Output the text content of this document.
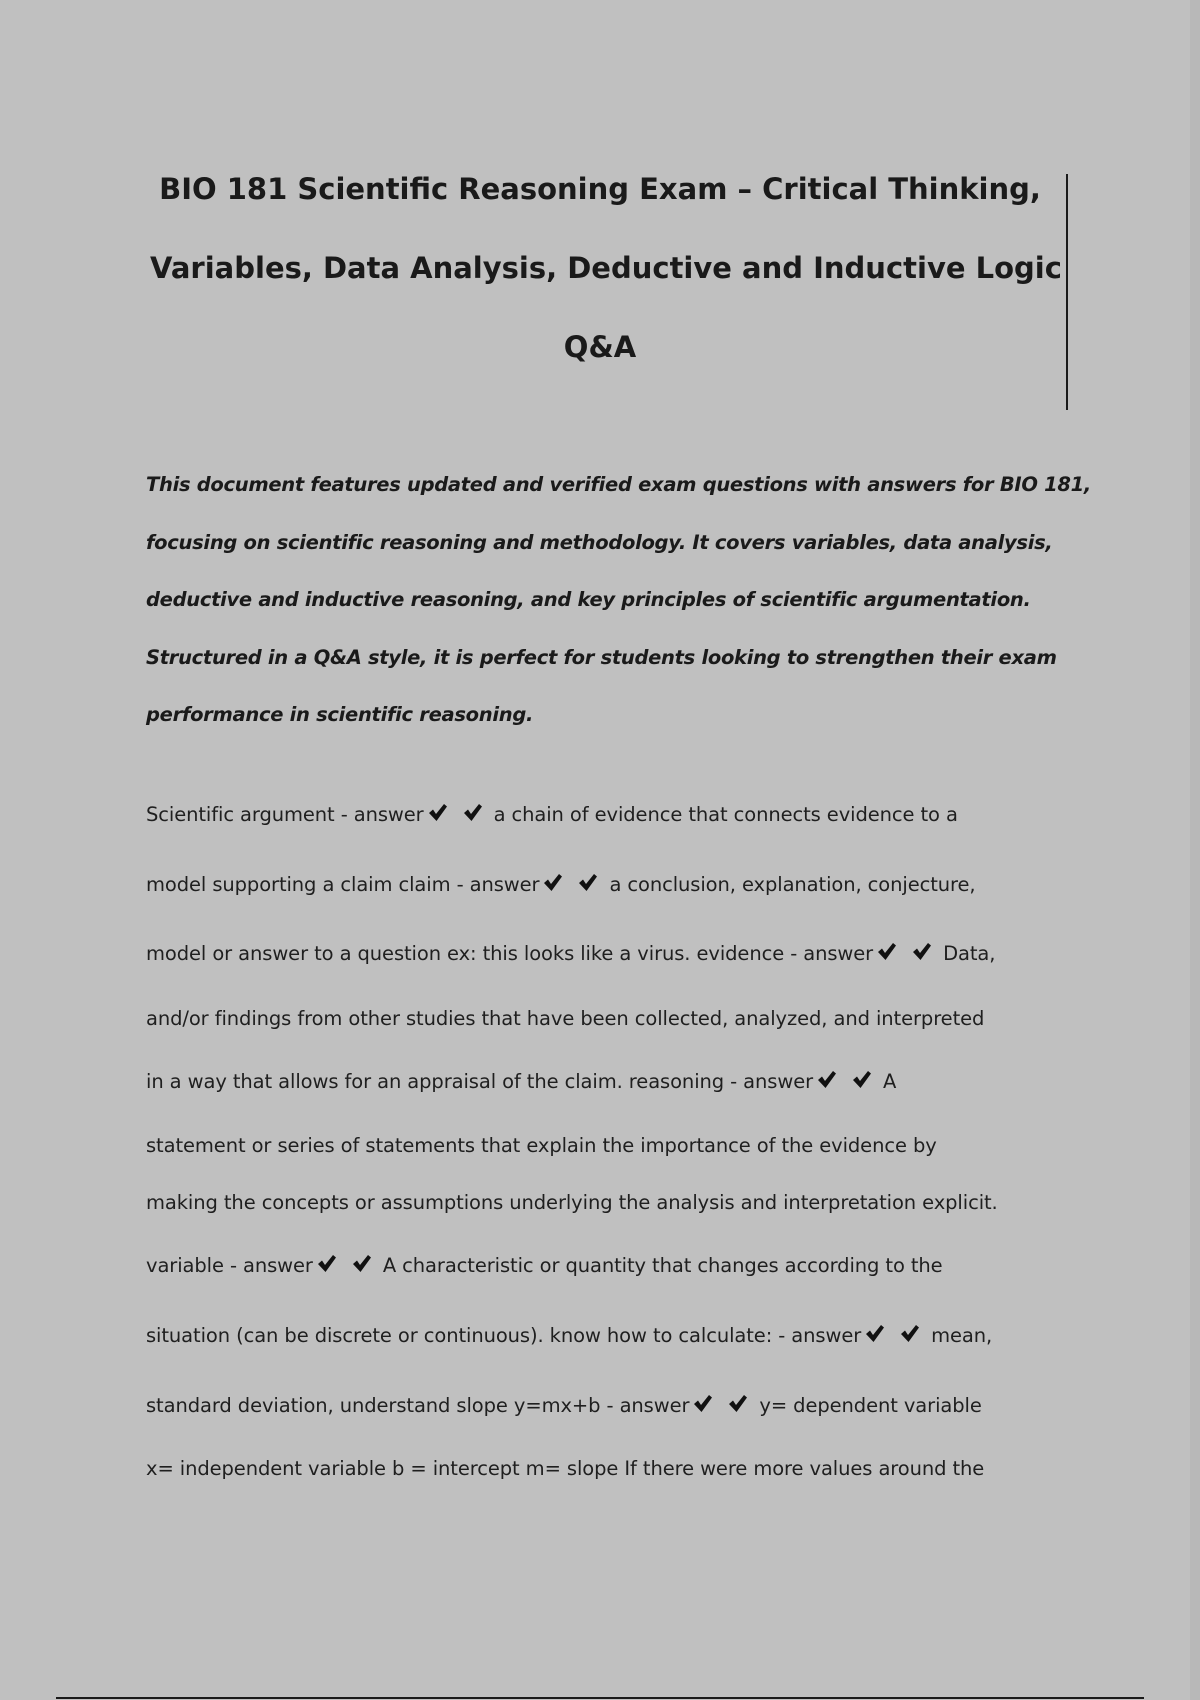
BIO 181 Scientific Reasoning Exam – Critical Thinking,
Variables, Data Analysis, Deductive and Inductive Logic
Q&A
This document features updated and verified exam questions with answers for BIO 181,
focusing on scientific reasoning and methodology. It covers variables, data analysis,
deductive and inductive reasoning, and key principles of scientific argumentation.
Structured in a Q&A style, it is perfect for students looking to strengthen their exam
performance in scientific reasoning.
Scientific argument - answer	a chain of evidence that connects evidence to a
model supporting a claim claim - answer	a conclusion, explanation, conjecture,
model or answer to a question ex: this looks like a virus. evidence - answer	Data,
and/or findings from other studies that have been collected, analyzed, and interpreted
in a way that allows for an appraisal of the claim. reasoning - answer	A
statement or series of statements that explain the importance of the evidence by
making the concepts or assumptions underlying the analysis and interpretation explicit.
variable - answer	A characteristic or quantity that changes according to the
situation (can be discrete or continuous). know how to calculate: - answer	mean,
standard deviation, understand slope y=mx+b - answer	y= dependent variable
x= independent variable b = intercept m= slope If there were more values around the
